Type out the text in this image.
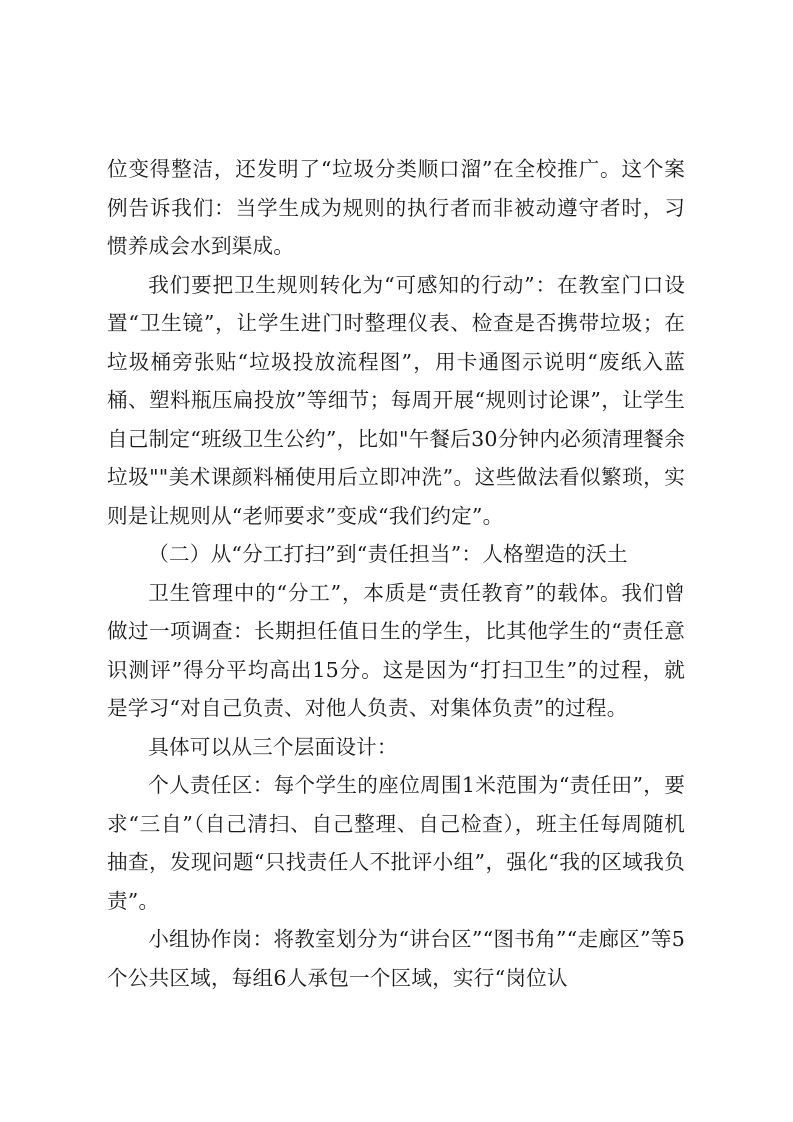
位变得整洁，还发明了“垃圾分类顺口溜”在全校推广。这个案例告诉我们：当学生成为规则的执行者而非被动遵守者时，习惯养成会水到渠成。

我们要把卫生规则转化为“可感知的行动”：在教室门口设置“卫生镜”，让学生进门时整理仪表、检查是否携带垃圾；在垃圾桶旁张贴“垃圾投放流程图”，用卡通图示说明“废纸入蓝桶、塑料瓶压扁投放”等细节；每周开展“规则讨论课”，让学生自己制定“班级卫生公约”，比如"午餐后30分钟内必须清理餐余垃圾""美术课颜料桶使用后立即冲洗”。这些做法看似繁琐，实则是让规则从“老师要求”变成“我们约定”。

（二）从“分工打扫”到“责任担当”：人格塑造的沃土

卫生管理中的“分工”，本质是“责任教育”的载体。我们曾做过一项调查：长期担任值日生的学生，比其他学生的“责任意识测评”得分平均高出15分。这是因为“打扫卫生”的过程，就是学习“对自己负责、对他人负责、对集体负责”的过程。

具体可以从三个层面设计：

个人责任区：每个学生的座位周围1米范围为“责任田”，要求“三自”（自己清扫、自己整理、自己检查），班主任每周随机抽查，发现问题“只找责任人不批评小组”，强化“我的区域我负责”。

小组协作岗：将教室划分为“讲台区”“图书角”“走廊区”等5个公共区域，每组6人承包一个区域，实行“岗位认
